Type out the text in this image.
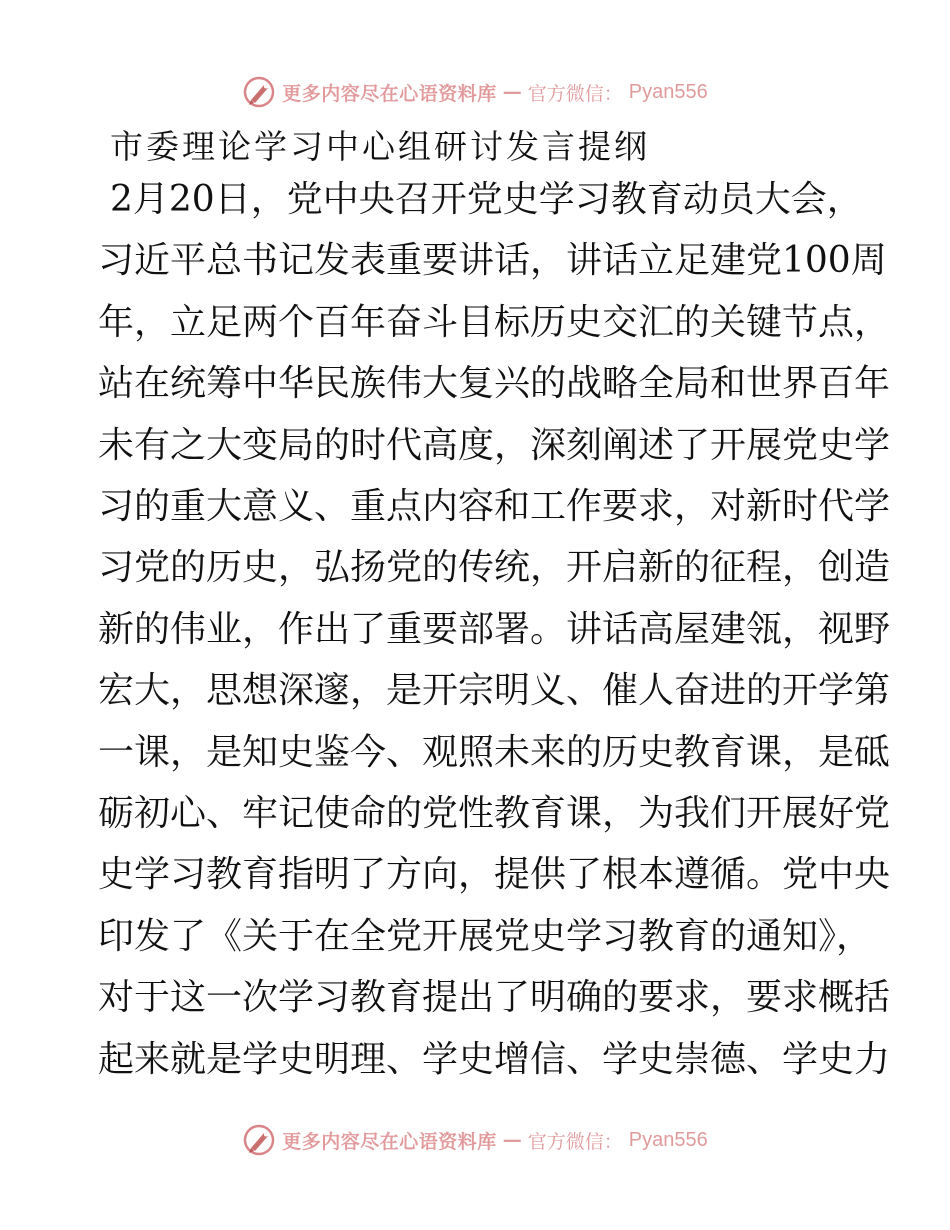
更多内容尽在心语资料库 — 官方微信： Pyan556
市委理论学习中心组研讨发言提纲
2月20日，党中央召开党史学习教育动员大会，
习近平总书记发表重要讲话，讲话立足建党100周
年，立足两个百年奋斗目标历史交汇的关键节点，
站在统筹中华民族伟大复兴的战略全局和世界百年
未有之大变局的时代高度，深刻阐述了开展党史学
习的重大意义、重点内容和工作要求，对新时代学
习党的历史，弘扬党的传统，开启新的征程，创造
新的伟业，作出了重要部署。讲话高屋建瓴，视野
宏大，思想深邃，是开宗明义、催人奋进的开学第
一课，是知史鉴今、观照未来的历史教育课，是砥
砺初心、牢记使命的党性教育课，为我们开展好党
史学习教育指明了方向，提供了根本遵循。党中央
印发了《关于在全党开展党史学习教育的通知》，
对于这一次学习教育提出了明确的要求，要求概括
起来就是学史明理、学史增信、学史崇德、学史力
更多内容尽在心语资料库 — 官方微信： Pyan556
